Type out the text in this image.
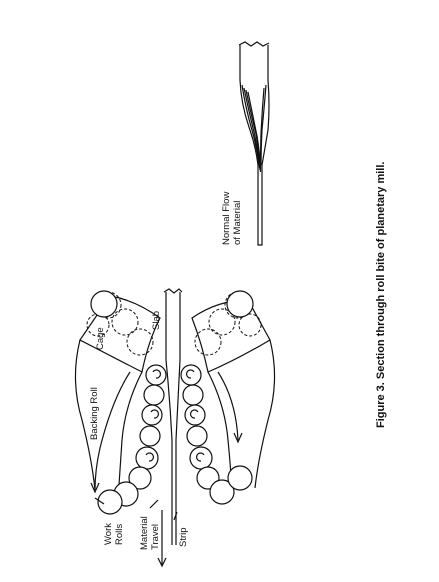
Cage
Slab
Backing Roll
Work Rolls Material Travel Strip
Normal Flow of Material	Figure 3. Section through roll bite of planetary mill.
